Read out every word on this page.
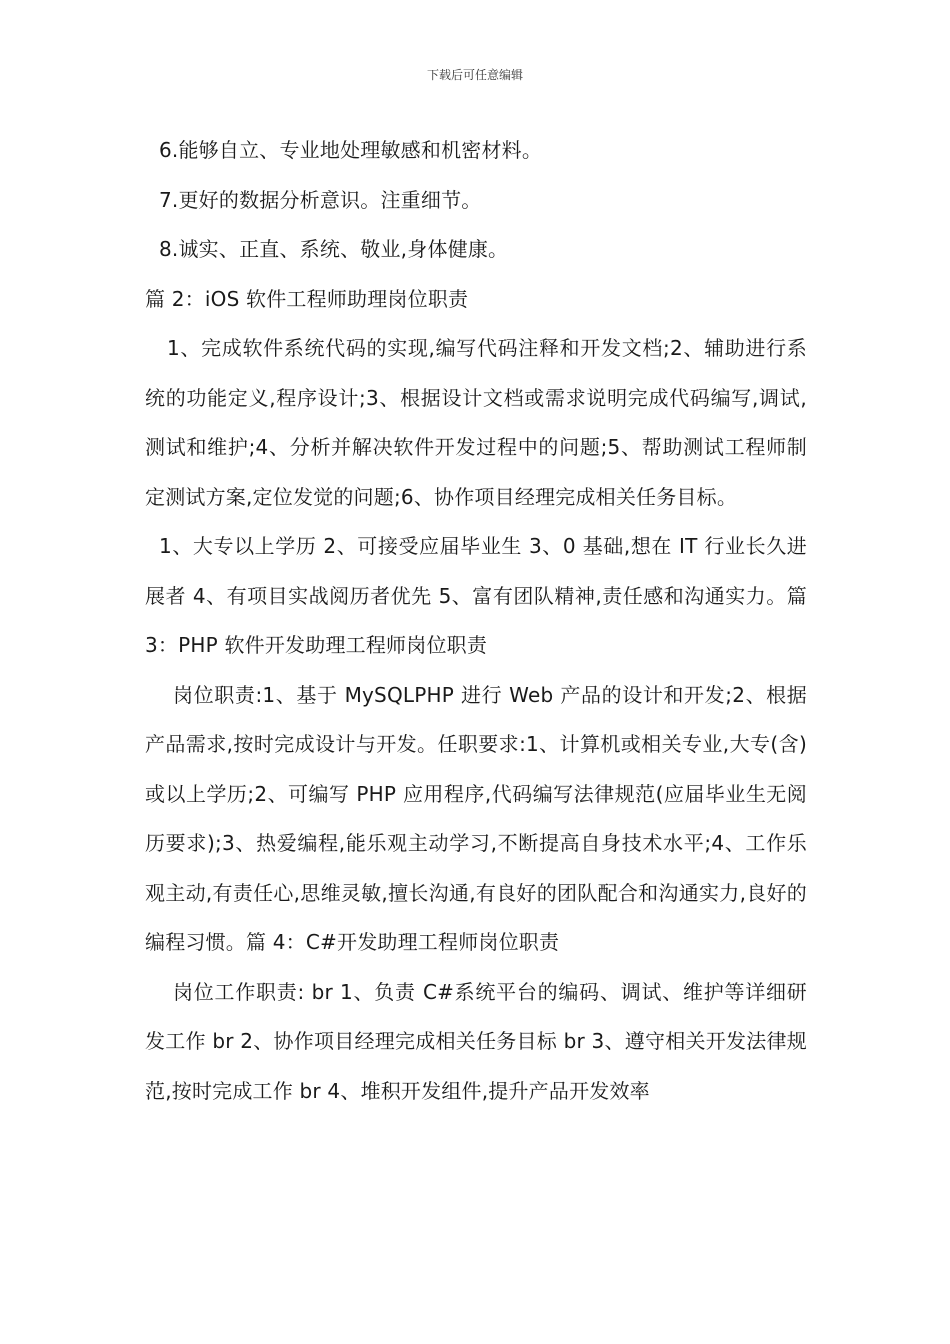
下载后可任意编辑

6.能够自立、专业地处理敏感和机密材料。

7.更好的数据分析意识。注重细节。

8.诚实、正直、系统、敬业,身体健康。

篇 2：iOS 软件工程师助理岗位职责

1、完成软件系统代码的实现,编写代码注释和开发文档;2、辅助进行系统的功能定义,程序设计;3、根据设计文档或需求说明完成代码编写,调试,测试和维护;4、分析并解决软件开发过程中的问题;5、帮助测试工程师制定测试方案,定位发觉的问题;6、协作项目经理完成相关任务目标。

1、大专以上学历 2、可接受应届毕业生 3、0 基础,想在 IT 行业长久进展者 4、有项目实战阅历者优先 5、富有团队精神,责任感和沟通实力。篇 3：PHP 软件开发助理工程师岗位职责

岗位职责:1、基于 MySQLPHP 进行 Web 产品的设计和开发;2、根据产品需求,按时完成设计与开发。任职要求:1、计算机或相关专业,大专(含)或以上学历;2、可编写 PHP 应用程序,代码编写法律规范(应届毕业生无阅历要求);3、热爱编程,能乐观主动学习,不断提高自身技术水平;4、工作乐观主动,有责任心,思维灵敏,擅长沟通,有良好的团队配合和沟通实力,良好的编程习惯。篇 4：C#开发助理工程师岗位职责

岗位工作职责: br 1、负责 C#系统平台的编码、调试、维护等详细研发工作 br 2、协作项目经理完成相关任务目标 br 3、遵守相关开发法律规范,按时完成工作 br 4、堆积开发组件,提升产品开发效率
